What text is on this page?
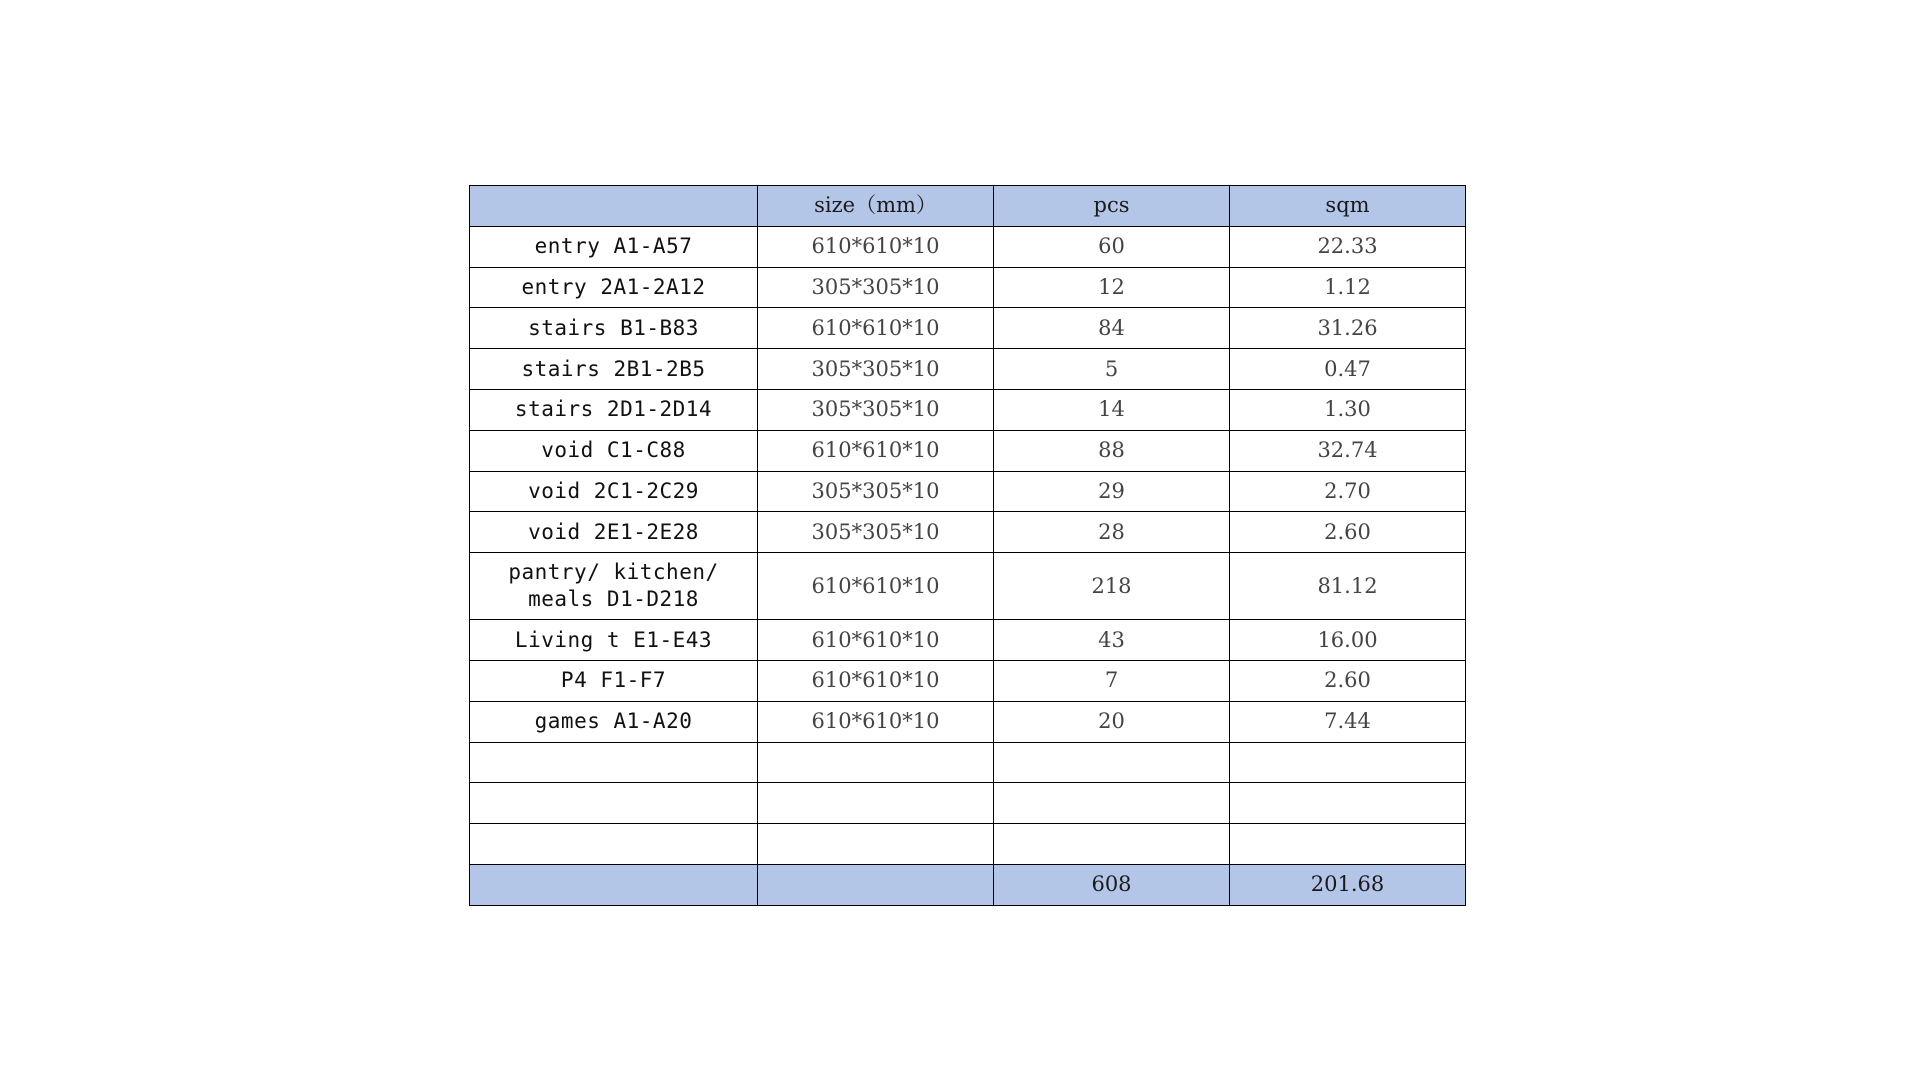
	size（mm）	pcs	sqm
entry A1-A57	610*610*10	60	22.33
entry 2A1-2A12	305*305*10	12	1.12
stairs B1-B83	610*610*10	84	31.26
stairs 2B1-2B5	305*305*10	5	0.47
stairs 2D1-2D14	305*305*10	14	1.30
void C1-C88	610*610*10	88	32.74
void 2C1-2C29	305*305*10	29	2.70
void 2E1-2E28	305*305*10	28	2.60
pantry/ kitchen/ meals D1-D218	610*610*10	218	81.12
Living t E1-E43	610*610*10	43	16.00
P4 F1-F7	610*610*10	7	2.60
games A1-A20	610*610*10	20	7.44

		608	201.68
